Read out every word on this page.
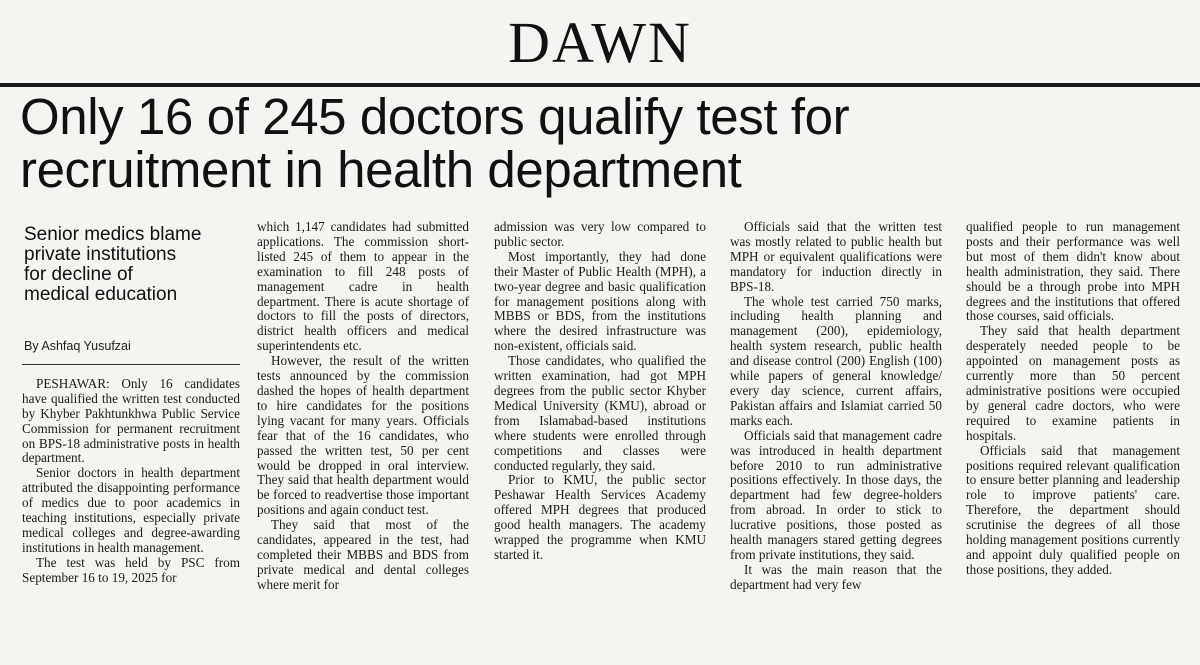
DAWN
Only 16 of 245 doctors qualify test for
recruitment in health department
Senior medics blame
private institutions
for decline of
medical education
By Ashfaq Yusufzai

PESHAWAR: Only 16 candidates have qualified the written test conducted by Khyber Pakhtunkhwa Public Service Commission for permanent recruitment on BPS-18 administrative posts in health department.

Senior doctors in health department attributed the disappointing performance of medics due to poor academics in teaching institutions, especially private medical colleges and degree-awarding institutions in health management.

The test was held by PSC from September 16 to 19, 2025 for

which 1,147 candidates had submitted applications. The commission short-listed 245 of them to appear in the examination to fill 248 posts of management cadre in health department. There is acute shortage of doctors to fill the posts of directors, district health officers and medical superintendents etc.

However, the result of the written tests announced by the commission dashed the hopes of health department to hire candidates for the positions lying vacant for many years. Officials fear that of the 16 candidates, who passed the written test, 50 per cent would be dropped in oral interview. They said that health department would be forced to readvertise those important positions and again conduct test.

They said that most of the candidates, appeared in the test, had completed their MBBS and BDS from private medical and dental colleges where merit for

admission was very low compared to public sector.

Most importantly, they had done their Master of Public Health (MPH), a two-year degree and basic qualification for management positions along with MBBS or BDS, from the institutions where the desired infrastructure was non-existent, officials said.

Those candidates, who qualified the written examination, had got MPH degrees from the public sector Khyber Medical University (KMU), abroad or from Islamabad-based institutions where students were enrolled through competitions and classes were conducted regularly, they said.

Prior to KMU, the public sector Peshawar Health Services Academy offered MPH degrees that produced good health managers. The academy wrapped the programme when KMU started it.

Officials said that the written test was mostly related to public health but MPH or equivalent qualifications were mandatory for induction directly in BPS-18.

The whole test carried 750 marks, including health planning and management (200), epidemiology, health system research, public health and disease control (200) English (100) while papers of general knowledge/ every day science, current affairs, Pakistan affairs and Islamiat carried 50 marks each.

Officials said that management cadre was introduced in health department before 2010 to run administrative positions effectively. In those days, the department had few degree-holders from abroad. In order to stick to lucrative positions, those posted as health managers stared getting degrees from private institutions, they said.

It was the main reason that the department had very few

qualified people to run management posts and their performance was well but most of them didn't know about health administration, they said. There should be a through probe into MPH degrees and the institutions that offered those courses, said officials.

They said that health department desperately needed people to be appointed on management posts as currently more than 50 percent administrative positions were occupied by general cadre doctors, who were required to examine patients in hospitals.

Officials said that management positions required relevant qualification to ensure better planning and leadership role to improve patients' care. Therefore, the department should scrutinise the degrees of all those holding management positions currently and appoint duly qualified people on those positions, they added.
